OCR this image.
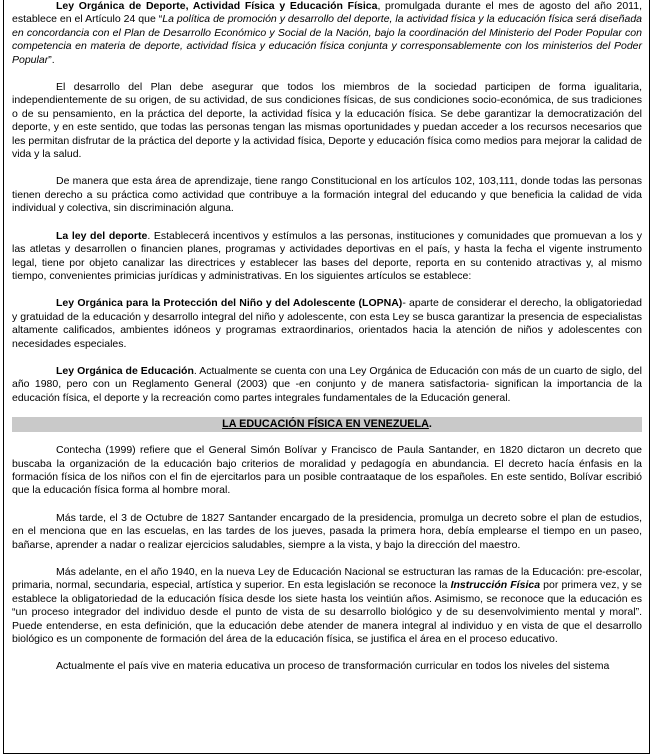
Ley Orgánica de Deporte, Actividad Física y Educación Física, promulgada durante el mes de agosto del año 2011, establece en el Artículo 24 que “La política de promoción y desarrollo del deporte, la actividad física y la educación física será diseñada en concordancia con el Plan de Desarrollo Económico y Social de la Nación, bajo la coordinación del Ministerio del Poder Popular con competencia en materia de deporte, actividad física y educación física conjunta y corresponsablemente con los ministerios del Poder Popular”.

El desarrollo del Plan debe asegurar que todos los miembros de la sociedad participen de forma igualitaria, independientemente de su origen, de su actividad, de sus condiciones físicas, de sus condiciones socio-económica, de sus tradiciones o de su pensamiento, en la práctica del deporte, la actividad física y la educación física. Se debe garantizar la democratización del deporte, y en este sentido, que todas las personas tengan las mismas oportunidades y puedan acceder a los recursos necesarios que les permitan disfrutar de la práctica del deporte y la actividad física, Deporte y educación física como medios para mejorar la calidad de vida y la salud.

De manera que esta área de aprendizaje, tiene rango Constitucional en los artículos 102, 103,111, donde todas las personas tienen derecho a su práctica como actividad que contribuye a la formación integral del educando y que beneficia la calidad de vida individual y colectiva, sin discriminación alguna.

La ley del deporte. Establecerá incentivos y estímulos a las personas, instituciones y comunidades que promuevan a los y las atletas y desarrollen o financien planes, programas y actividades deportivas en el país, y hasta la fecha el vigente instrumento legal, tiene por objeto canalizar las directrices y establecer las bases del deporte, reporta en su contenido atractivas y, al mismo tiempo, convenientes primicias jurídicas y administrativas. En los siguientes artículos se establece:

Ley Orgánica para la Protección del Niño y del Adolescente (LOPNA)- aparte de considerar el derecho, la obligatoriedad y gratuidad de la educación y desarrollo integral del niño y adolescente, con esta Ley se busca garantizar la presencia de especialistas altamente calificados, ambientes idóneos y programas extraordinarios, orientados hacia la atención de niños y adolescentes con necesidades especiales.

Ley Orgánica de Educación. Actualmente se cuenta con una Ley Orgánica de Educación con más de un cuarto de siglo, del año 1980, pero con un Reglamento General (2003) que -en conjunto y de manera satisfactoria- significan la importancia de la educación física, el deporte y la recreación como partes integrales fundamentales de la Educación general.

LA EDUCACIÓN FÍSICA EN VENEZUELA.

Contecha (1999) refiere que el General Simón Bolívar y Francisco de Paula Santander, en 1820 dictaron un decreto que buscaba la organización de la educación bajo criterios de moralidad y pedagogía en abundancia. El decreto hacía énfasis en la formación física de los niños con el fin de ejercitarlos para un posible contraataque de los españoles. En este sentido, Bolívar escribió que la educación física forma al hombre moral.

Más tarde, el 3 de Octubre de 1827 Santander encargado de la presidencia, promulga un decreto sobre el plan de estudios, en el menciona que en las escuelas, en las tardes de los jueves, pasada la primera hora, debía emplearse el tiempo en un paseo, bañarse, aprender a nadar o realizar ejercicios saludables, siempre a la vista, y bajo la dirección del maestro.

Más adelante, en el año 1940, en la nueva Ley de Educación Nacional se estructuran las ramas de la Educación: pre-escolar, primaria, normal, secundaria, especial, artística y superior. En esta legislación se reconoce la Instrucción Física por primera vez, y se establece la obligatoriedad de la educación física desde los siete hasta los veintiún años. Asimismo, se reconoce que la educación es “un proceso integrador del individuo desde el punto de vista de su desarrollo biológico y de su desenvolvimiento mental y moral”. Puede entenderse, en esta definición, que la educación debe atender de manera integral al individuo y en vista de que el desarrollo biológico es un componente de formación del área de la educación física, se justifica el área en el proceso educativo.

Actualmente el país vive en materia educativa un proceso de transformación curricular en todos los niveles del sistema
